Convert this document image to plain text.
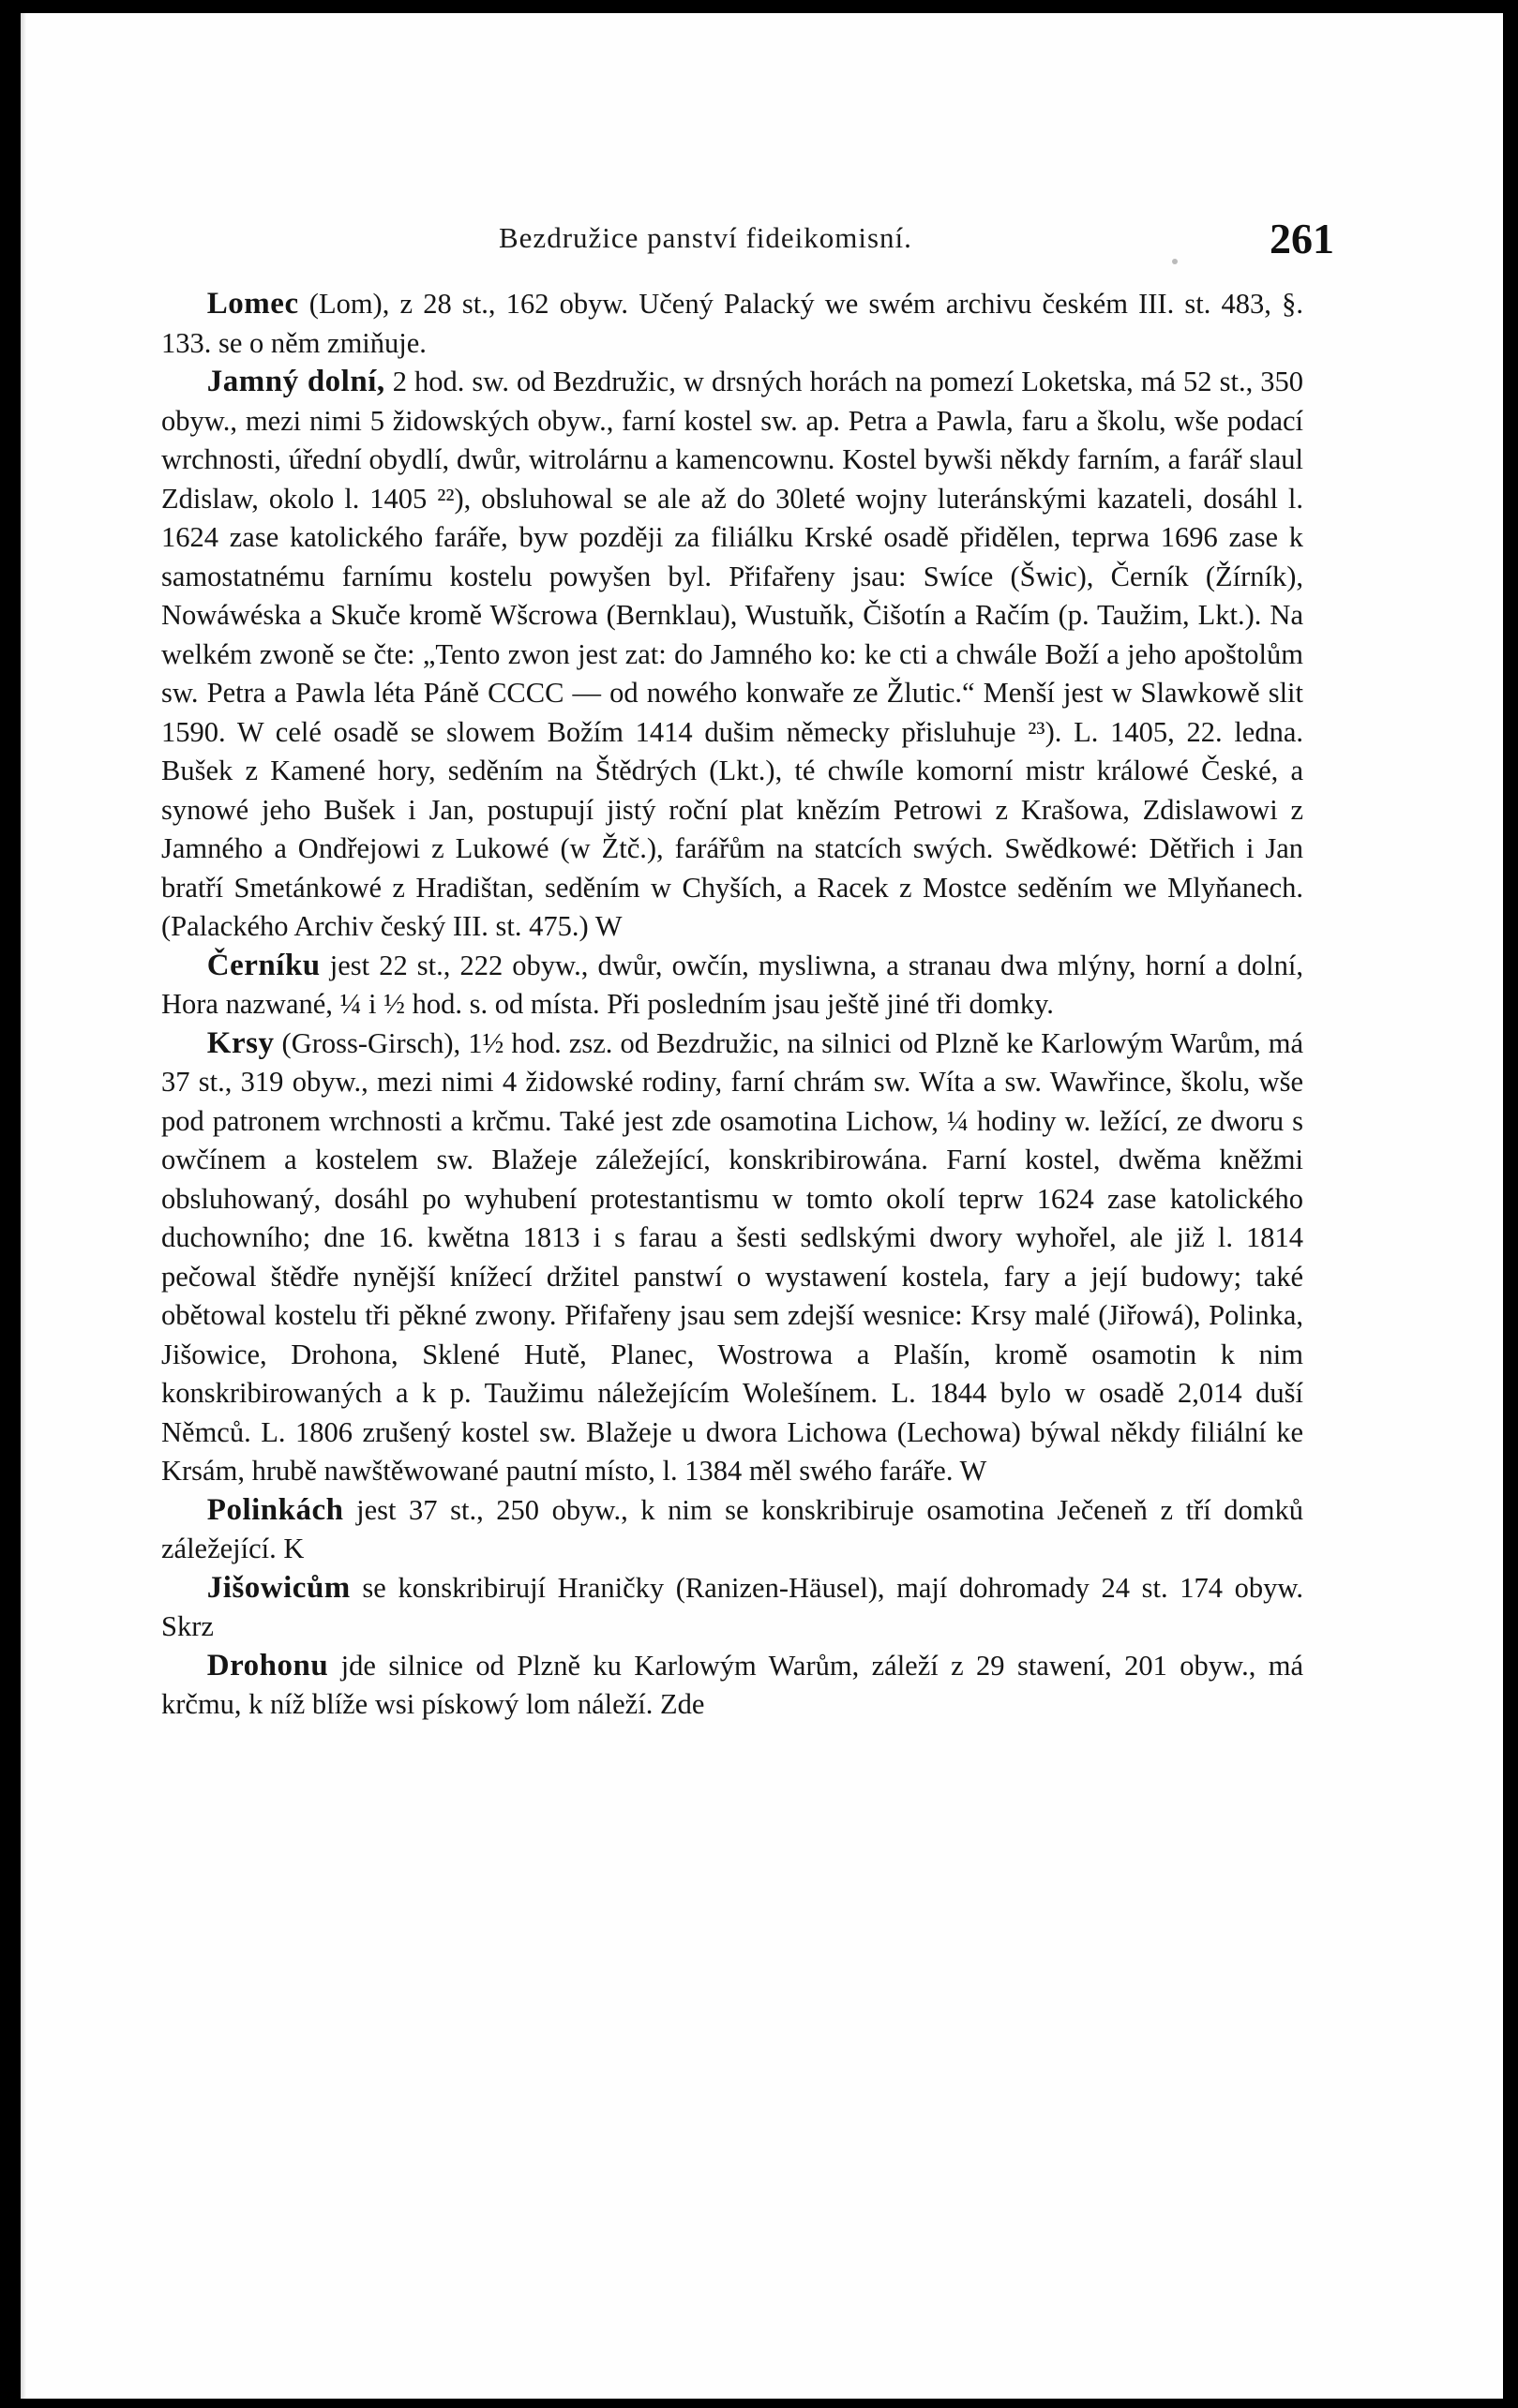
Bezdružice panství fideikomisní.	261

Lomec (Lom), z 28 st., 162 obyw. Učený Palacký we swém archivu českém III. st. 483, §. 133. se o něm zmiňuje.

Jamný dolní, 2 hod. sw. od Bezdružic, w drsných horách na pomezí Loketska, má 52 st., 350 obyw., mezi nimi 5 židowských obyw., farní kostel sw. ap. Petra a Pawla, faru a školu, wše podací wrchnosti, úřední obydlí, dwůr, witrolárnu a kamencownu. Kostel bywši někdy farním, a farář slaul Zdislaw, okolo l. 1405 ²²), obsluhowal se ale až do 30leté wojny luteránskými kazateli, dosáhl l. 1624 zase katolického faráře, byw později za filiálku Krské osadě přidělen, teprwa 1696 zase k samostatnému farnímu kostelu powyšen byl. Přifařeny jsau: Swíce (Šwic), Černík (Žírník), Nowáwéska a Skuče kromě Wšcrowa (Bernklau), Wustuňk, Čišotín a Račím (p. Taužim, Lkt.). Na welkém zwoně se čte: „Tento zwon jest zat: do Jamného ko: ke cti a chwále Boží a jeho apoštolům sw. Petra a Pawla léta Páně CCCC — od nowého konwaře ze Žlutic.“ Menší jest w Slawkowě slit 1590. W celé osadě se slowem Božím 1414 dušim německy přisluhuje ²³). L. 1405, 22. ledna. Bušek z Kamené hory, seděním na Štědrých (Lkt.), té chwíle komorní mistr králowé České, a synowé jeho Bušek i Jan, postupují jistý roční plat knězím Petrowi z Krašowa, Zdislawowi z Jamného a Ondřejowi z Lukowé (w Žtč.), farářům na statcích swých. Swědkowé: Dětřich i Jan bratří Smetánkowé z Hradištan, seděním w Chyších, a Racek z Mostce seděním we Mlyňanech. (Palackého Archiv český III. st. 475.) W

Černíku jest 22 st., 222 obyw., dwůr, owčín, mysliwna, a stranau dwa mlýny, horní a dolní, Hora nazwané, ¼ i ½ hod. s. od místa. Při posledním jsau ještě jiné tři domky.

Krsy (Gross-Girsch), 1½ hod. zsz. od Bezdružic, na silnici od Plzně ke Karlowým Warům, má 37 st., 319 obyw., mezi nimi 4 židowské rodiny, farní chrám sw. Wíta a sw. Wawřince, školu, wše pod patronem wrchnosti a krčmu. Také jest zde osamotina Lichow, ¼ hodiny w. ležící, ze dworu s owčínem a kostelem sw. Blažeje záležející, konskribirowána. Farní kostel, dwěma kněžmi obsluhowaný, dosáhl po wyhubení protestantismu w tomto okolí teprw 1624 zase katolického duchowního; dne 16. kwětna 1813 i s farau a šesti sedlskými dwory wyhořel, ale již l. 1814 pečowal štědře nynější knížecí držitel panstwí o wystawení kostela, fary a její budowy; také obětowal kostelu tři pěkné zwony. Přifařeny jsau sem zdejší wesnice: Krsy malé (Jiřowá), Polinka, Jišowice, Drohona, Sklené Hutě, Planec, Wostrowa a Plašín, kromě osamotin k nim konskribirowaných a k p. Taužimu náležejícím Wolešínem. L. 1844 bylo w osadě 2,014 duší Němců. L. 1806 zrušený kostel sw. Blažeje u dwora Lichowa (Lechowa) býwal někdy filiální ke Krsám, hrubě nawštěwowané pautní místo, l. 1384 měl swého faráře. W

Polinkách jest 37 st., 250 obyw., k nim se konskribiruje osamotina Ječeneň z tří domků záležející. K

Jišowicům se konskribirují Hraničky (Ranizen-Häusel), mají dohromady 24 st. 174 obyw. Skrz

Drohonu jde silnice od Plzně ku Karlowým Warům, záleží z 29 stawení, 201 obyw., má krčmu, k níž blíže wsi pískowý lom náleží. Zde
